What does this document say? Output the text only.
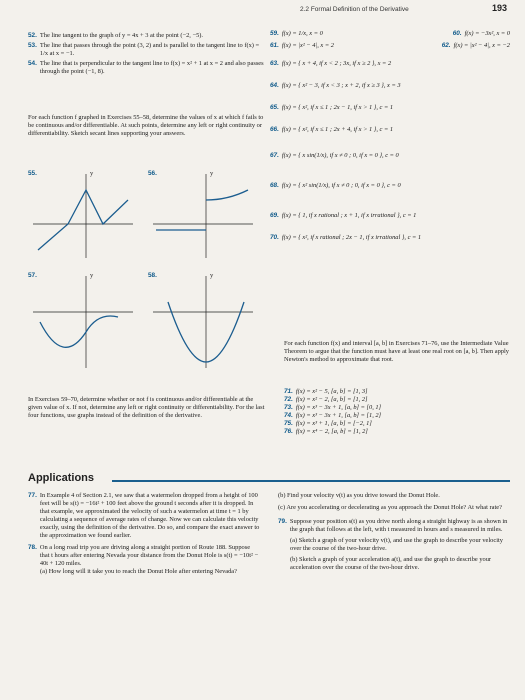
2.2 Formal Definition of the Derivative	193
52. The line tangent to the graph of y = 4x + 3 at the point (−2, −5).
53. The line that passes through the point (3, 2) and is parallel to the tangent line to f(x) = 1/x at x = −1.
54. The line that is perpendicular to the tangent line to f(x) = x² + 1 at x = 2 and also passes through the point (−1, 8).
For each function f graphed in Exercises 55–58, determine the values of x at which f fails to be continuous and/or differentiable. At such points, determine any left or right continuity or differentiability. Sketch secant lines supporting your answers.
55.	y	56.	y
57.	y	58.	y
In Exercises 59–70, determine whether or not f is continuous and/or differentiable at the given value of x. If not, determine any left or right continuity or differentiability. For the last four functions, use graphs instead of the definition of the derivative.
59. f(x) = 1/x, x = 0	60. f(x) = −3x², x = 0
61. f(x) = |x² − 4|, x = 2	62. f(x) = |x² − 4|, x = −2
63. f(x) = { x + 4, if x < 2 ; 3x, if x ≥ 2 }, x = 2
64. f(x) = { x² − 3, if x < 3 ; x + 2, if x ≥ 3 }, x = 3
65. f(x) = { x², if x ≤ 1 ; 2x − 1, if x > 1 }, c = 1
66. f(x) = { x², if x ≤ 1 ; 2x + 4, if x > 1 }, c = 1
67. f(x) = { x sin(1/x), if x ≠ 0 ; 0, if x = 0 }, c = 0
68. f(x) = { x² sin(1/x), if x ≠ 0 ; 0, if x = 0 }, c = 0
69. f(x) = { 1, if x rational ; x + 1, if x irrational }, c = 1
70. f(x) = { x², if x rational ; 2x − 1, if x irrational }, c = 1
For each function f(x) and interval [a, b] in Exercises 71–76, use the Intermediate Value Theorem to argue that the function must have at least one real root on [a, b]. Then apply Newton's method to approximate that root.
71. f(x) = x² − 5, [a, b] = [1, 3]
72. f(x) = x² − 2, [a, b] = [1, 2]
73. f(x) = x³ − 3x + 1, [a, b] = [0, 1]
74. f(x) = x³ − 3x + 1, [a, b] = [1, 2]
75. f(x) = x³ + 1, [a, b] = [−2, 1]
76. f(x) = x⁴ − 2, [a, b] = [1, 2]
Applications
77. In Example 4 of Section 2.1, we saw that a watermelon dropped from a height of 100 feet will be s(t) = −16t² + 100 feet above the ground t seconds after it is dropped. In that example, we approximated the velocity of such a watermelon at time t = 1 by calculating a sequence of average rates of change. Now we can calculate this velocity exactly, using the definition of the derivative. Do so, and compare the exact answer to the approximation we found earlier.
78. On a long road trip you are driving along a straight portion of Route 188. Suppose that t hours after entering Nevada your distance from the Donut Hole is s(t) = −10t² − 40t + 120 miles.
(a) How long will it take you to reach the Donut Hole after entering Nevada?
(b) Find your velocity v(t) as you drive toward the Donut Hole.
(c) Are you accelerating or decelerating as you approach the Donut Hole? At what rate?
79. Suppose your position s(t) as you drive north along a straight highway is as shown in the graph that follows at the left, with t measured in hours and s measured in miles.
(a) Sketch a graph of your velocity v(t), and use the graph to describe your velocity over the course of the two-hour drive.
(b) Sketch a graph of your acceleration a(t), and use the graph to describe your acceleration over the course of the two-hour drive.
